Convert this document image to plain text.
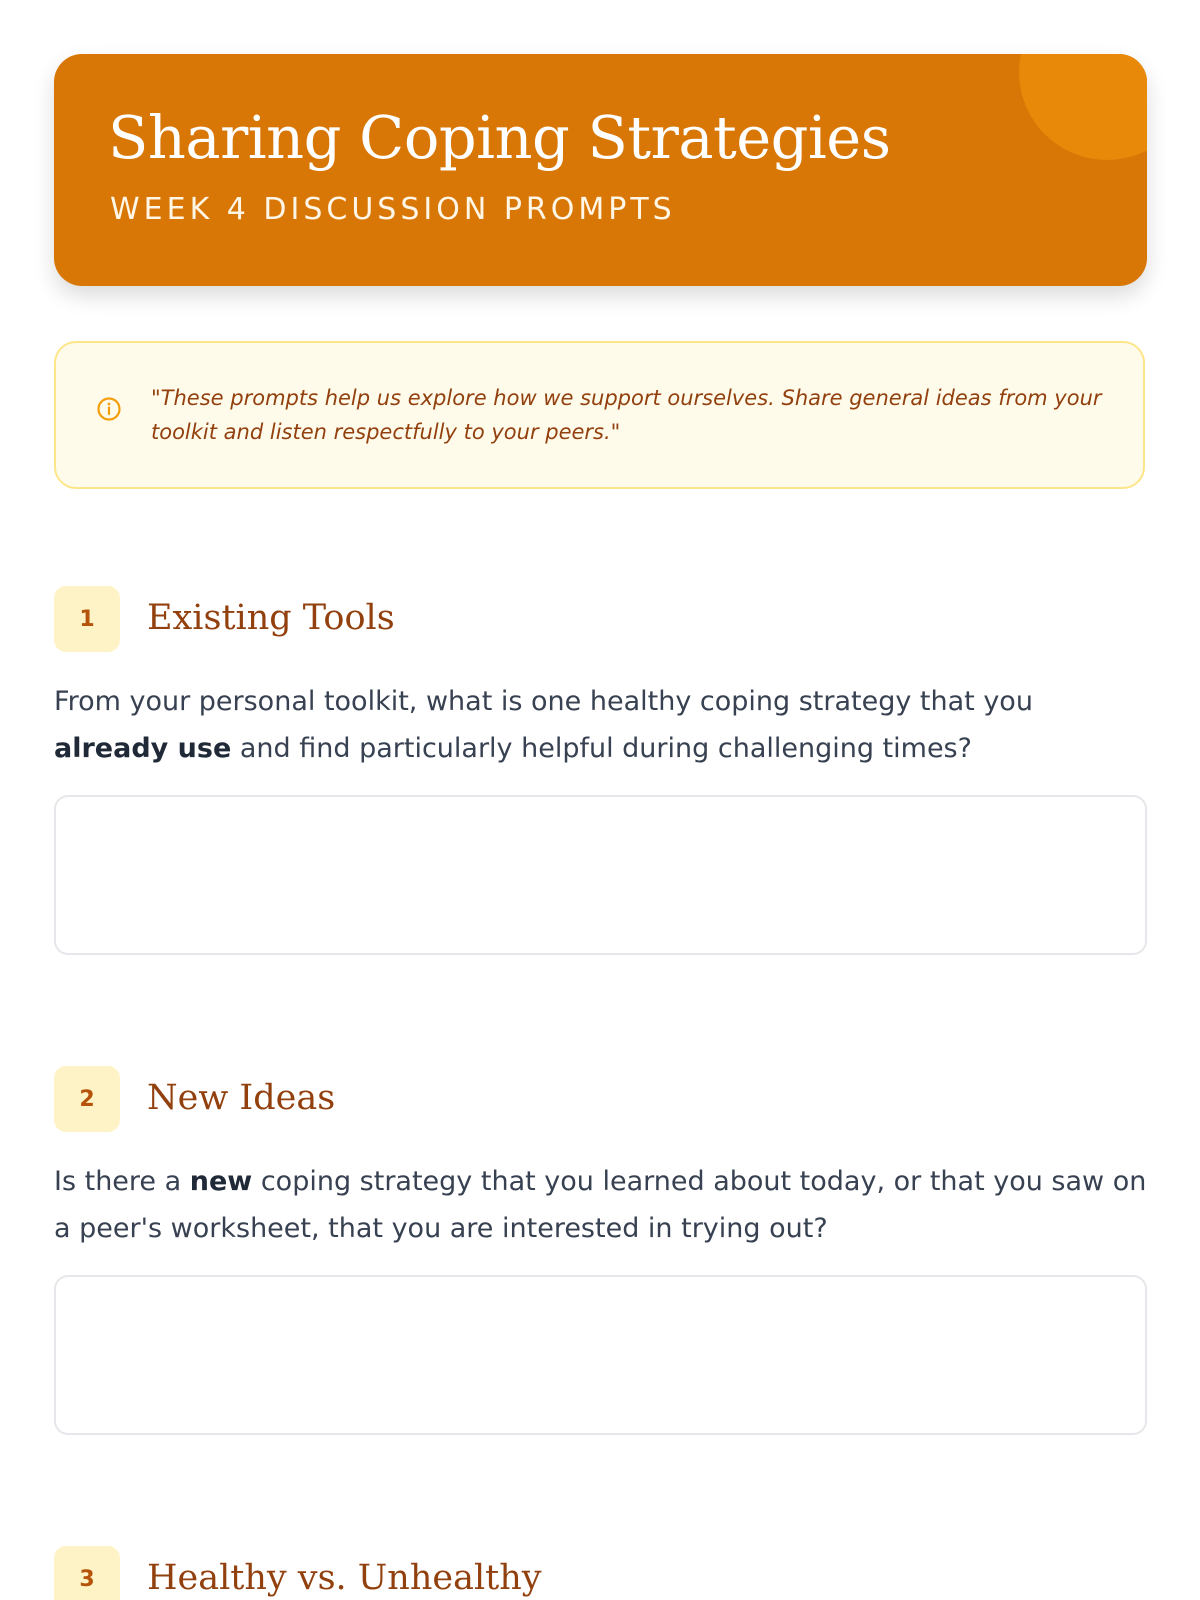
Sharing Coping Strategies
WEEK 4 DISCUSSION PROMPTS
"These prompts help us explore how we support ourselves. Share general ideas from your toolkit and listen respectfully to your peers."
1	Existing Tools

From your personal toolkit, what is one healthy coping strategy that you already use and find particularly helpful during challenging times?

2	New Ideas

Is there a new coping strategy that you learned about today, or that you saw on a peer's worksheet, that you are interested in trying out?

3	Healthy vs. Unhealthy
